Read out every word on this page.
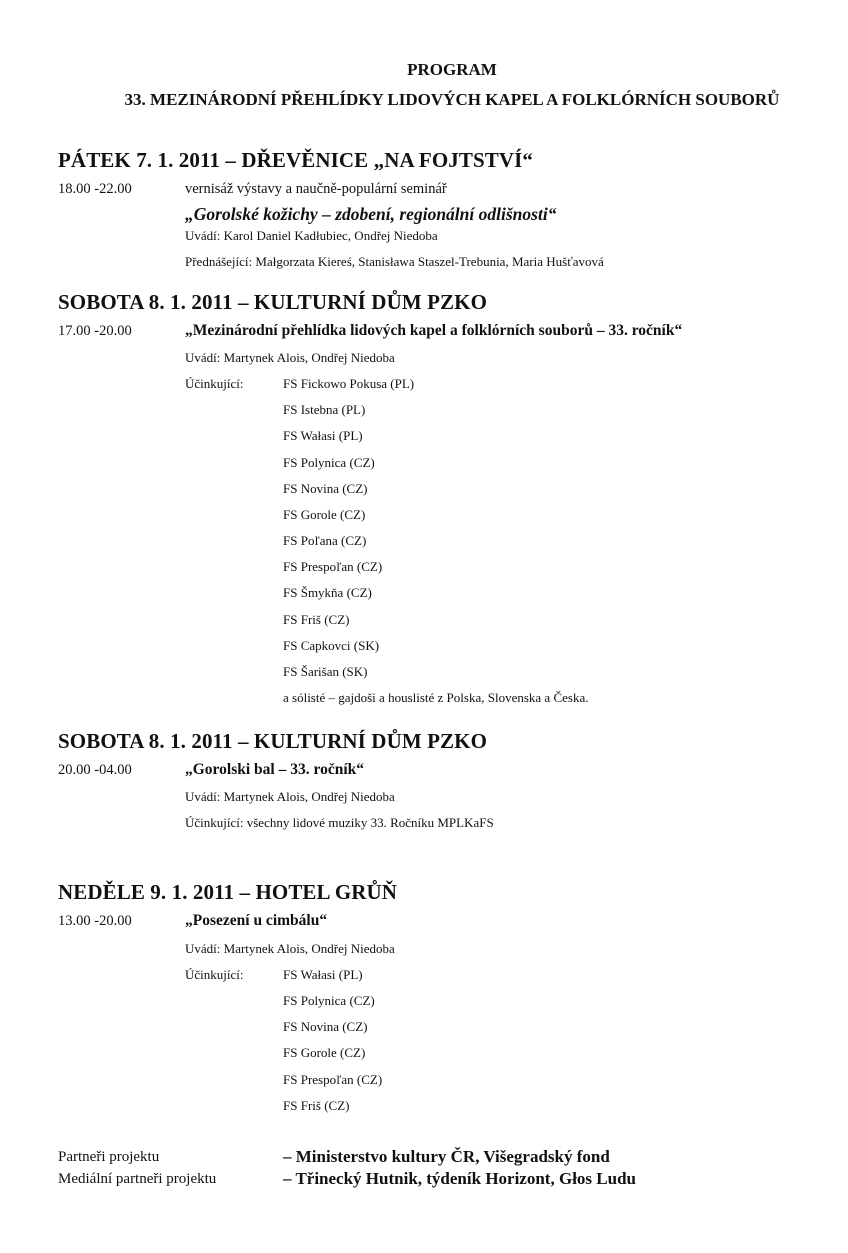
PROGRAM
33. MEZINÁRODNÍ PŘEHLÍDKY LIDOVÝCH KAPEL A FOLKLÓRNÍCH SOUBORŮ
PÁTEK 7. 1. 2011 – DŘEVĚNICE „NA FOJTSTVÍ“
18.00 -22.00	vernisáž výstavy a naučně-populární seminář
„Gorolské kožichy – zdobení, regionální odlišnosti“
Uvádí: Karol Daniel Kadłubiec, Ondřej Niedoba
Přednášející: Małgorzata Kiereś, Stanisława Staszel-Trebunia, Maria Hušťavová
SOBOTA 8. 1. 2011 – KULTURNÍ DŮM PZKO
17.00 -20.00	„Mezinárodní přehlídka lidových kapel a folklórních souborů – 33. ročník“
Uvádí: Martynek Alois, Ondřej Niedoba
Účinkující:	FS Fickowo Pokusa (PL)
FS Istebna (PL)
FS Wałasi (PL)
FS Polynica (CZ)
FS Novina (CZ)
FS Gorole (CZ)
FS Poľana (CZ)
FS Prespoľan (CZ)
FS Šmykňa (CZ)
FS Friš (CZ)
FS Capkovci (SK)
FS Šarišan (SK)
a sólisté – gajdoši a houslisté z Polska, Slovenska a Česka.
SOBOTA 8. 1. 2011 – KULTURNÍ DŮM PZKO
20.00 -04.00	„Gorolski bal – 33. ročník“
Uvádí: Martynek Alois, Ondřej Niedoba
Účinkující: všechny lidové muziky 33. Ročníku MPLKaFS
NEDĚLE 9. 1. 2011 – HOTEL GRŮŇ
13.00 -20.00	„Posezení u cimbálu“
Uvádí: Martynek Alois, Ondřej Niedoba
Účinkující:	FS Wałasi (PL)
FS Polynica (CZ)
FS Novina (CZ)
FS Gorole (CZ)
FS Prespoľan (CZ)
FS Friš (CZ)
Partneři projektu	– Ministerstvo kultury ČR, Višegradský fond
Mediální partneři projektu	– Třinecký Hutnik, týdeník Horizont, Głos Ludu
